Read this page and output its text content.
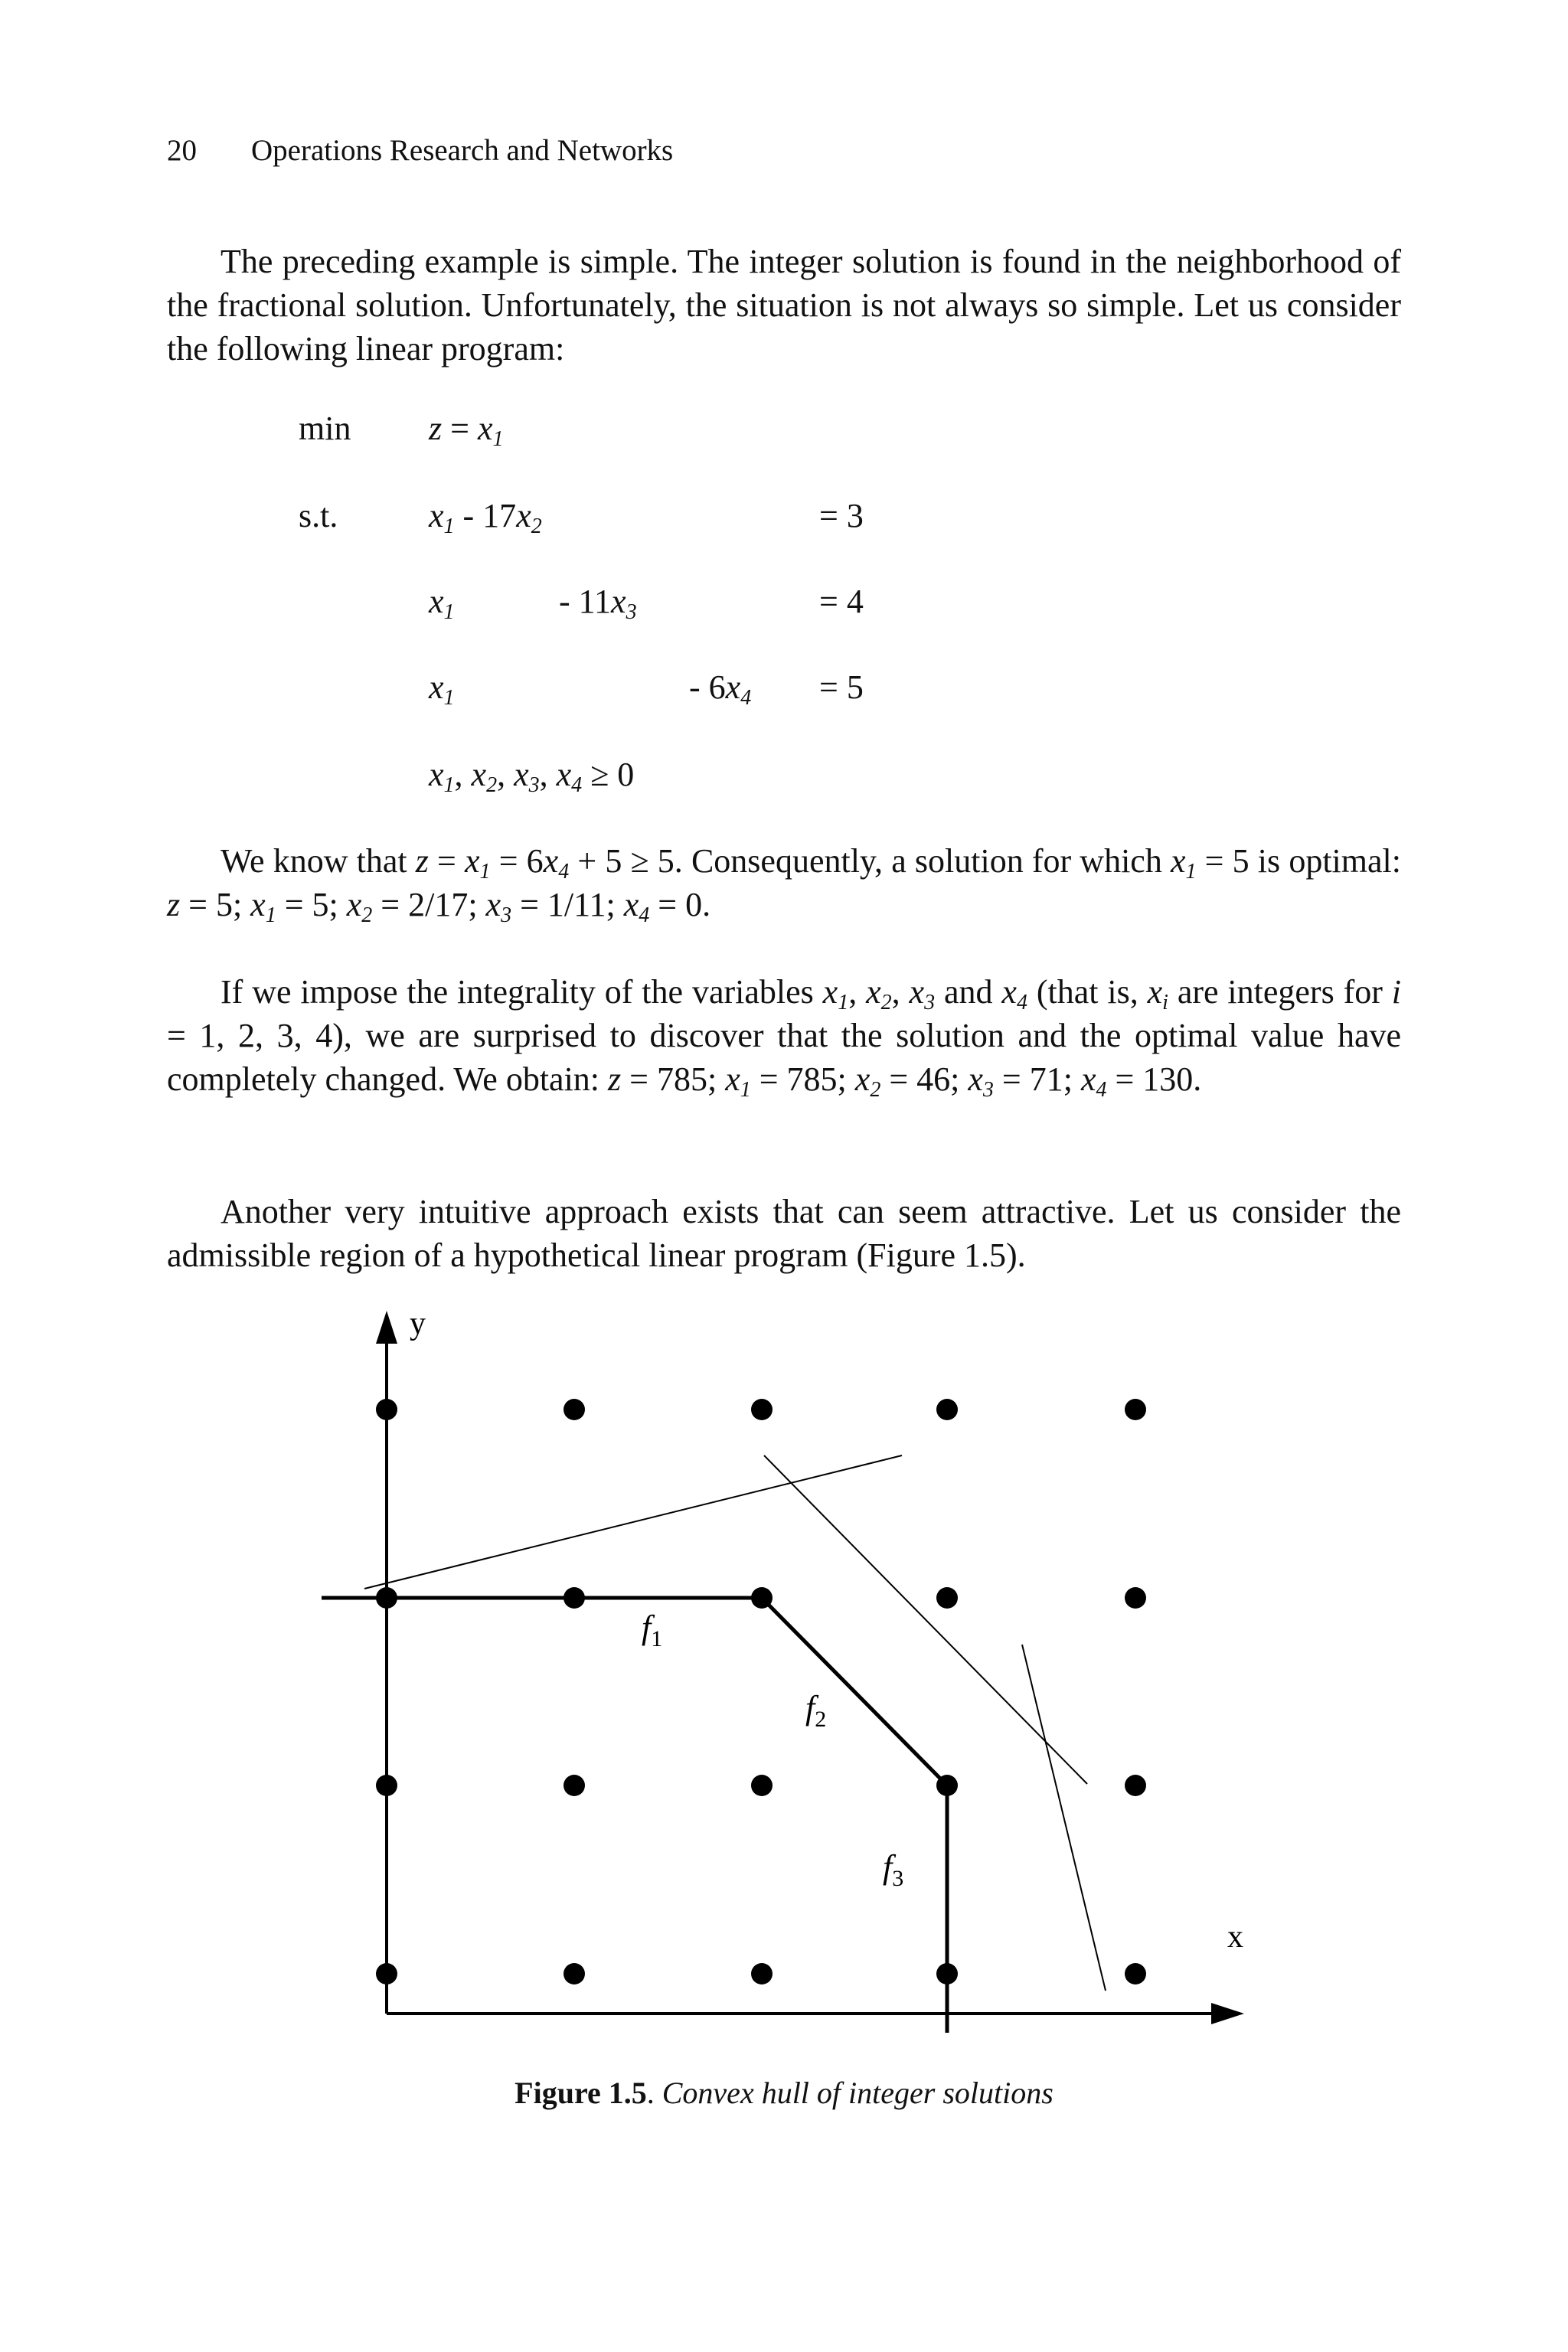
20 Operations Research and Networks

The preceding example is simple. The integer solution is found in the neighborhood of the fractional solution. Unfortunately, the situation is not always so simple. Let us consider the following linear program:

$\min z = x_1$
s.t.	$x_1 - 17x_2$	= 3
$x_1$	- $11x_3$	= 4
$x_1$	- $6x_4 = 5$
$x_1$, $x_2$, $x_3$, $x_4 \ge 0$

We know that $z = x_1 = 6x_4 + 5 \ge 5$. Consequently, a solution for which $x_1 = 5$ is optimal: z = 5; $x_1 = 5$; $x_2 = 2/17$; $x_3 = 1/11$; $x_4 = 0$.

If we impose the integrality of the variables $x_1$, $x_2$, $x_3$ and $x_4$ (that is, $x_i$ are integers for i = 1, 2, 3, 4), we are surprised to discover that the solution and the optimal value have completely changed. We obtain: z = 785; $x_1 = 785$; $x_2 = 46$; $x_3 = 71$; $x_4 = 130$.

Another very intuitive approach exists that can seem attractive. Let us consider the admissible region of a hypothetical linear program (Figure 1.5).

y
x
$f_1$
$f_2$
$f_3$
Figure 1.5. Convex hull of integer solutions
